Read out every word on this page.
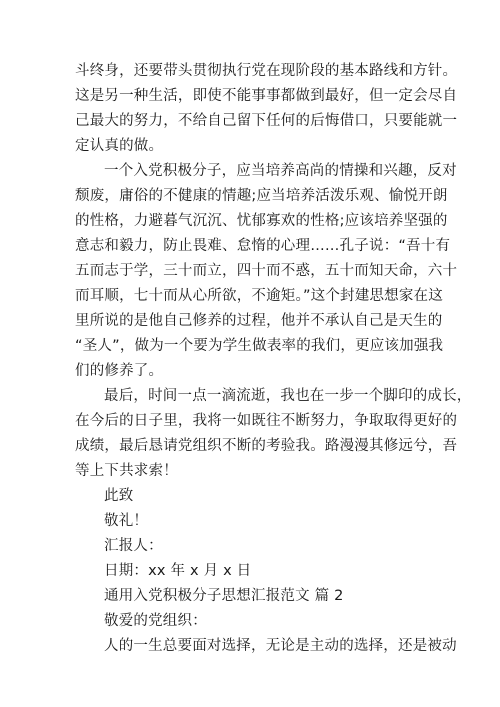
斗终身，还要带头贯彻执行党在现阶段的基本路线和方针。
这是另一种生活，即使不能事事都做到最好，但一定会尽自
己最大的努力，不给自己留下任何的后悔借口，只要能就一
定认真的做。
一个入党积极分子，应当培养高尚的情操和兴趣，反对
颓废，庸俗的不健康的情趣;应当培养活泼乐观、愉悦开朗
的性格，力避暮气沉沉、忧郁寡欢的性格;应该培养坚强的
意志和毅力，防止畏难、怠惰的心理……孔子说：“吾十有
五而志于学，三十而立，四十而不惑，五十而知天命，六十
而耳顺，七十而从心所欲，不逾矩。”这个封建思想家在这
里所说的是他自己修养的过程，他并不承认自己是天生的
“圣人”，做为一个要为学生做表率的我们，更应该加强我
们的修养了。
最后，时间一点一滴流逝，我也在一步一个脚印的成长，
在今后的日子里，我将一如既往不断努力，争取取得更好的
成绩，最后恳请党组织不断的考验我。路漫漫其修远兮，吾
等上下共求索！
此致
敬礼！
汇报人：
日期：xx 年 x 月 x 日
通用入党积极分子思想汇报范文 篇 2
敬爱的党组织：
人的一生总要面对选择，无论是主动的选择，还是被动
